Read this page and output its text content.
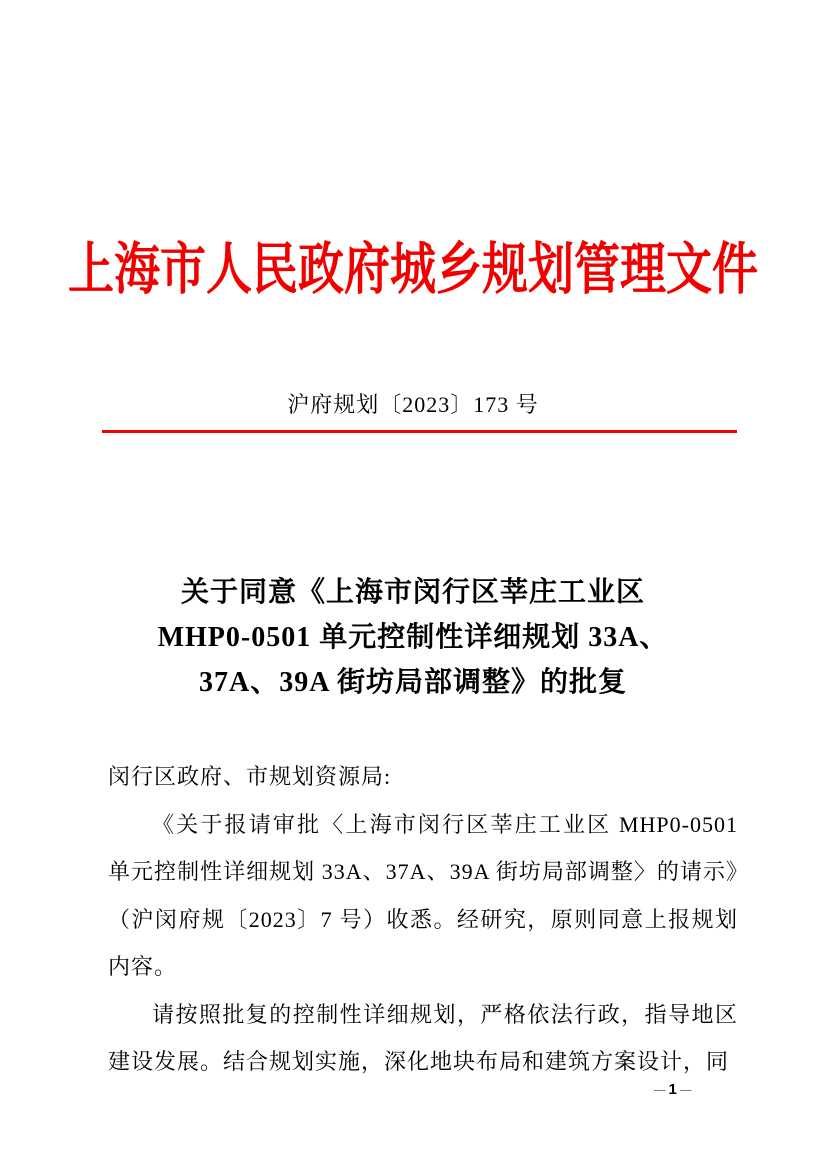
上海市人民政府城乡规划管理文件
沪府规划〔2023〕173 号
关于同意《上海市闵行区莘庄工业区
MHP0-0501 单元控制性详细规划 33A、
37A、39A 街坊局部调整》的批复

闵行区政府、市规划资源局:

《关于报请审批〈上海市闵行区莘庄工业区 MHP0-0501 单元控制性详细规划 33A、37A、39A 街坊局部调整〉的请示》（沪闵府规〔2023〕7 号）收悉。经研究，原则同意上报规划内容。

请按照批复的控制性详细规划，严格依法行政，指导地区建设发展。结合规划实施，深化地块布局和建筑方案设计，同

– 1 –
